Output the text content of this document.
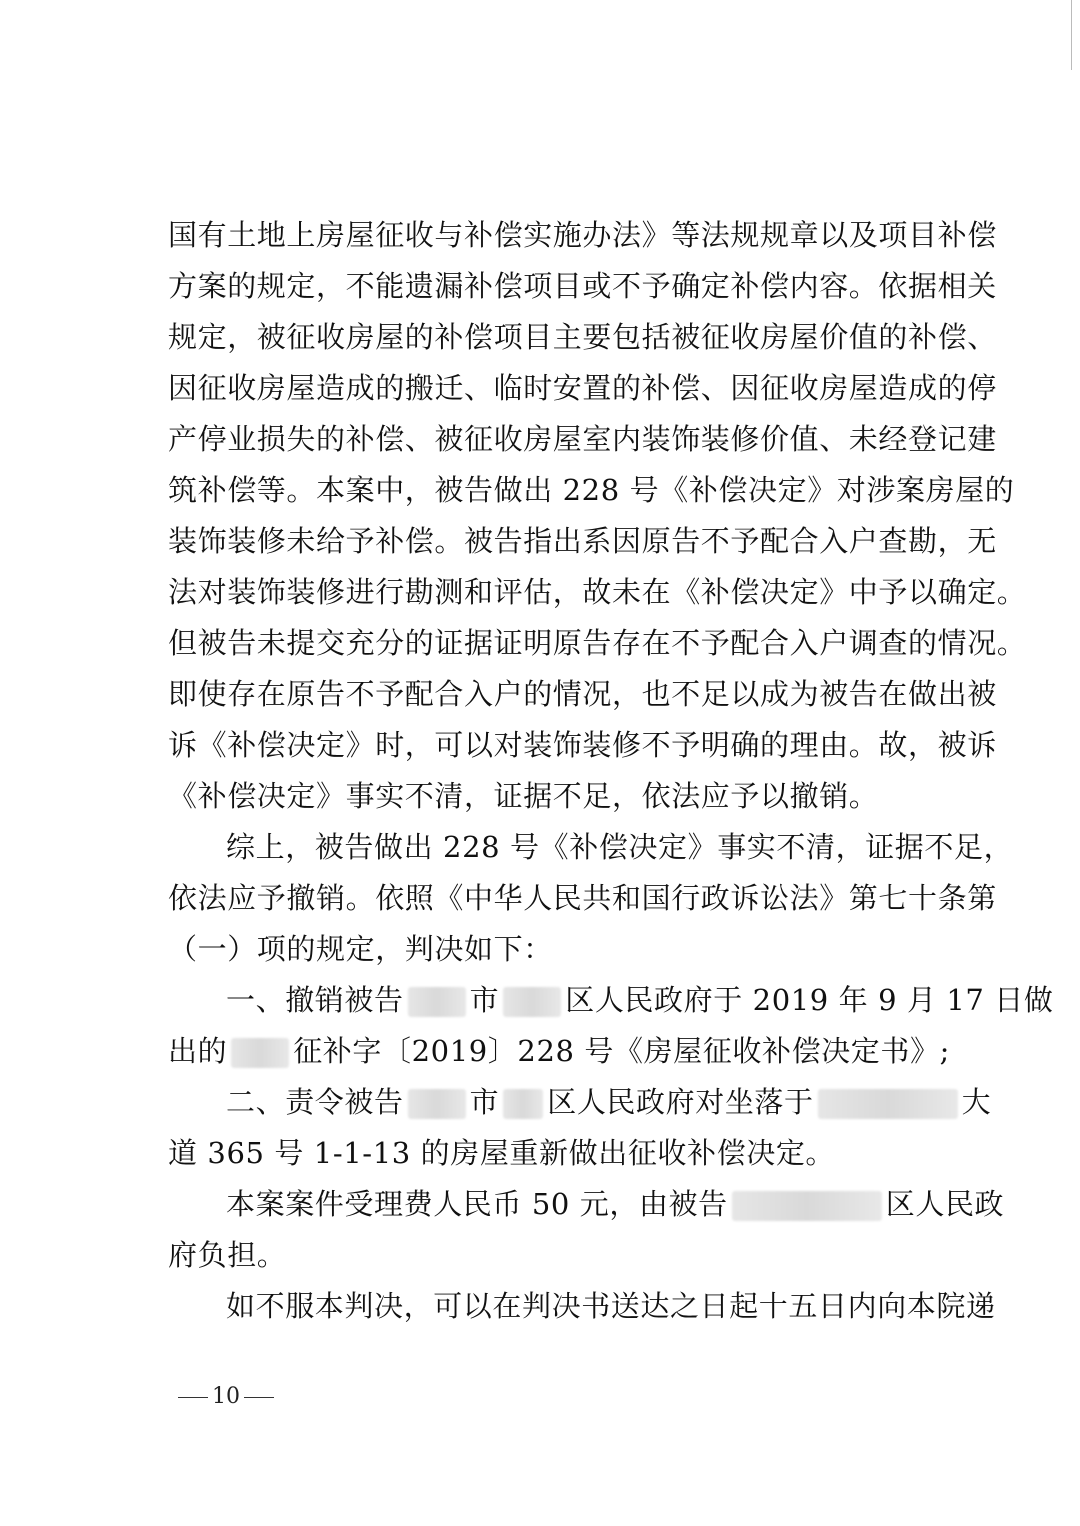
国有土地上房屋征收与补偿实施办法》等法规规章以及项目补偿
方案的规定，不能遗漏补偿项目或不予确定补偿内容。依据相关
规定，被征收房屋的补偿项目主要包括被征收房屋价值的补偿、
因征收房屋造成的搬迁、临时安置的补偿、因征收房屋造成的停
产停业损失的补偿、被征收房屋室内装饰装修价值、未经登记建
筑补偿等。本案中，被告做出 228 号《补偿决定》对涉案房屋的
装饰装修未给予补偿。被告指出系因原告不予配合入户查勘，无
法对装饰装修进行勘测和评估，故未在《补偿决定》中予以确定。
但被告未提交充分的证据证明原告存在不予配合入户调查的情况。
即使存在原告不予配合入户的情况，也不足以成为被告在做出被
诉《补偿决定》时，可以对装饰装修不予明确的理由。故，被诉
《补偿决定》事实不清，证据不足，依法应予以撤销。
综上，被告做出 228 号《补偿决定》事实不清，证据不足，
依法应予撤销。依照《中华人民共和国行政诉讼法》第七十条第
（一）项的规定，判决如下：
一、撤销被告 市 区人民政府于 2019 年 9 月 17 日做
出的 征补字〔2019〕228 号《房屋征收补偿决定书》;
二、责令被告 市 区人民政府对坐落于	大
道 365 号 1-1-13 的房屋重新做出征收补偿决定。
本案案件受理费人民币 50 元，由被告	区人民政
府负担。
如不服本判决，可以在判决书送达之日起十五日内向本院递
10
